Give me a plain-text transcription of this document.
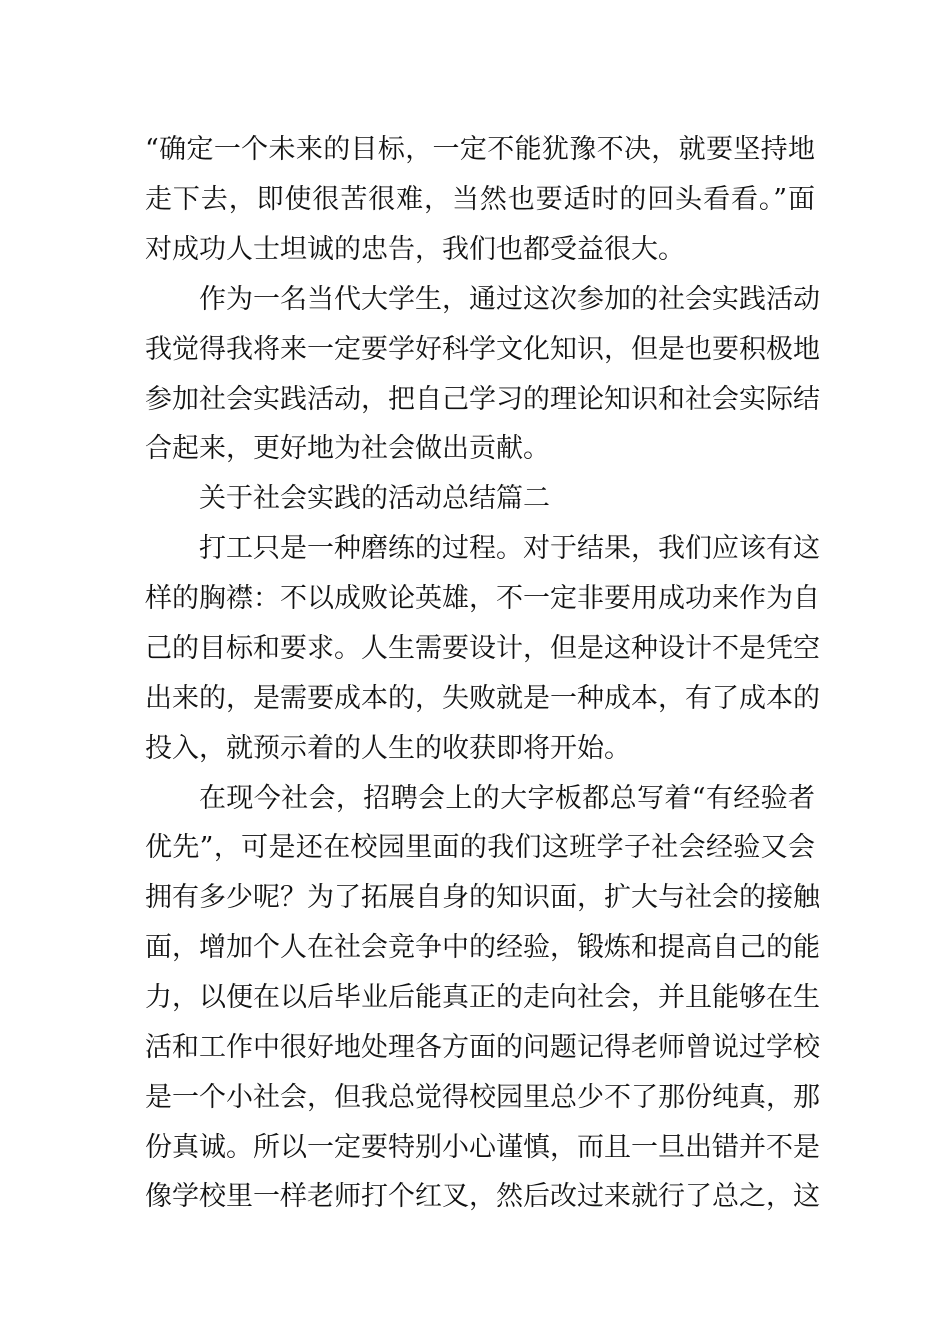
“确定一个未来的目标，一定不能犹豫不决，就要坚持地
走下去，即使很苦很难，当然也要适时的回头看看。”面
对成功人士坦诚的忠告，我们也都受益很大。
作为一名当代大学生，通过这次参加的社会实践活动
我觉得我将来一定要学好科学文化知识，但是也要积极地
参加社会实践活动，把自己学习的理论知识和社会实际结
合起来，更好地为社会做出贡献。
关于社会实践的活动总结篇二
打工只是一种磨练的过程。对于结果，我们应该有这
样的胸襟：不以成败论英雄，不一定非要用成功来作为自
己的目标和要求。人生需要设计，但是这种设计不是凭空
出来的，是需要成本的，失败就是一种成本，有了成本的
投入，就预示着的人生的收获即将开始。
在现今社会，招聘会上的大字板都总写着“有经验者
优先”，可是还在校园里面的我们这班学子社会经验又会
拥有多少呢？为了拓展自身的知识面，扩大与社会的接触
面，增加个人在社会竞争中的经验，锻炼和提高自己的能
力，以便在以后毕业后能真正的走向社会，并且能够在生
活和工作中很好地处理各方面的问题记得老师曾说过学校
是一个小社会，但我总觉得校园里总少不了那份纯真，那
份真诚。所以一定要特别小心谨慎，而且一旦出错并不是
像学校里一样老师打个红叉，然后改过来就行了总之，这
